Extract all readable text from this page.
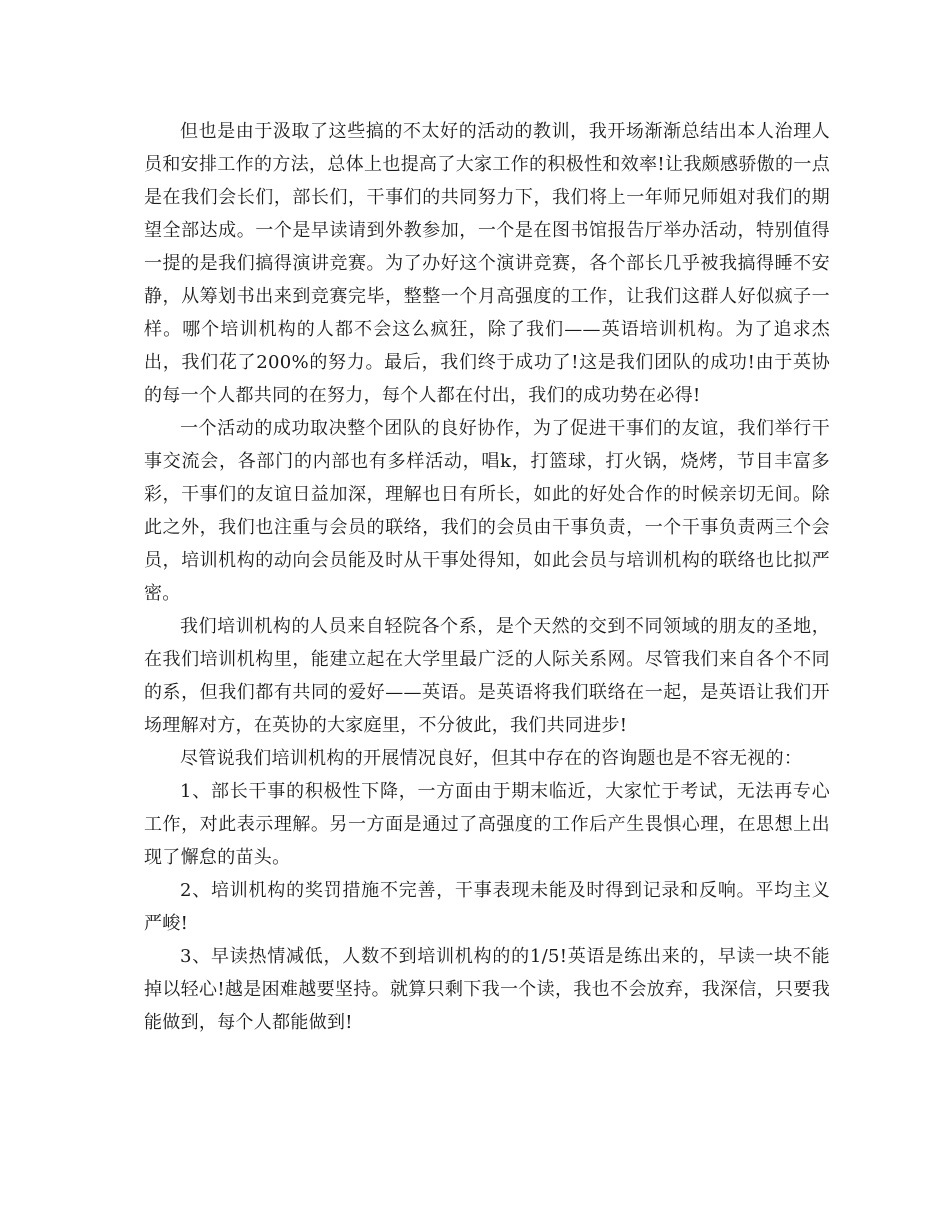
但也是由于汲取了这些搞的不太好的活动的教训，我开场渐渐总结出本人治理人员和安排工作的方法，总体上也提高了大家工作的积极性和效率!让我颇感骄傲的一点是在我们会长们，部长们，干事们的共同努力下，我们将上一年师兄师姐对我们的期望全部达成。一个是早读请到外教参加，一个是在图书馆报告厅举办活动，特别值得一提的是我们搞得演讲竞赛。为了办好这个演讲竞赛，各个部长几乎被我搞得睡不安静，从筹划书出来到竞赛完毕，整整一个月高强度的工作，让我们这群人好似疯子一样。哪个培训机构的人都不会这么疯狂，除了我们——英语培训机构。为了追求杰出，我们花了200%的努力。最后，我们终于成功了!这是我们团队的成功!由于英协的每一个人都共同的在努力，每个人都在付出，我们的成功势在必得!

一个活动的成功取决整个团队的良好协作，为了促进干事们的友谊，我们举行干事交流会，各部门的内部也有多样活动，唱k，打篮球，打火锅，烧烤，节目丰富多彩，干事们的友谊日益加深，理解也日有所长，如此的好处合作的时候亲切无间。除此之外，我们也注重与会员的联络，我们的会员由干事负责，一个干事负责两三个会员，培训机构的动向会员能及时从干事处得知，如此会员与培训机构的联络也比拟严密。

我们培训机构的人员来自轻院各个系，是个天然的交到不同领域的朋友的圣地，在我们培训机构里，能建立起在大学里最广泛的人际关系网。尽管我们来自各个不同的系，但我们都有共同的爱好——英语。是英语将我们联络在一起，是英语让我们开场理解对方，在英协的大家庭里，不分彼此，我们共同进步!

尽管说我们培训机构的开展情况良好，但其中存在的咨询题也是不容无视的：

1、部长干事的积极性下降，一方面由于期末临近，大家忙于考试，无法再专心工作，对此表示理解。另一方面是通过了高强度的工作后产生畏惧心理，在思想上出现了懈怠的苗头。

2、培训机构的奖罚措施不完善，干事表现未能及时得到记录和反响。平均主义严峻!

3、早读热情减低，人数不到培训机构的的1/5!英语是练出来的，早读一块不能掉以轻心!越是困难越要坚持。就算只剩下我一个读，我也不会放弃，我深信，只要我能做到，每个人都能做到!
